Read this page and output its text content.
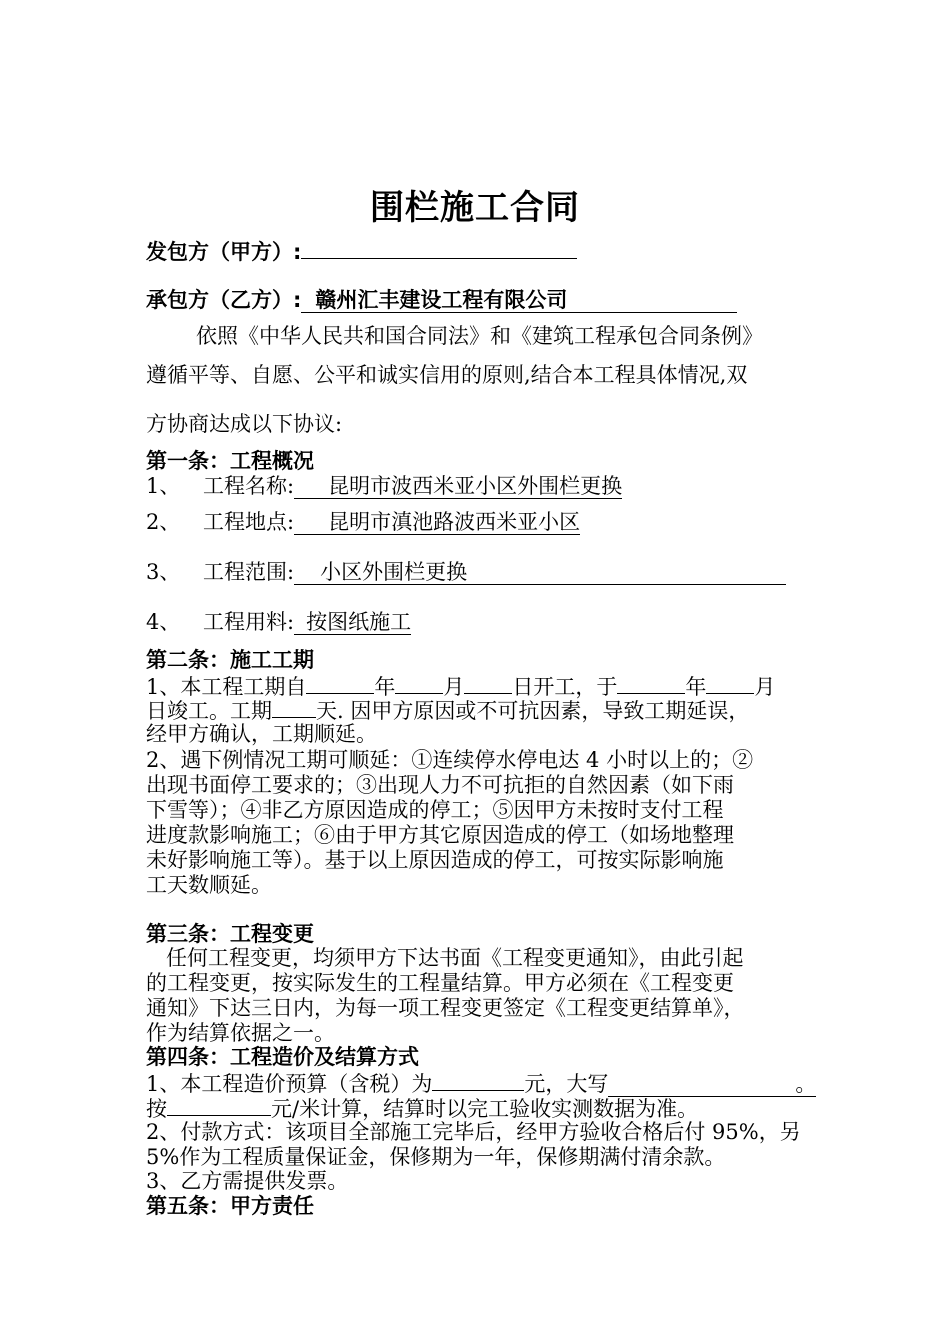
围栏施工合同
发包方（甲方）:
承包方（乙方）: 赣州汇丰建设工程有限公司
依照《中华人民共和国合同法》和《建筑工程承包合同条例》
遵循平等、自愿、公平和诚实信用的原则,结合本工程具体情况,双
方协商达成以下协议:
第一条：工程概况
1、 工程名称: 昆明市波西米亚小区外围栏更换
2、 工程地点: 昆明市滇池路波西米亚小区
3、 工程范围: 小区外围栏更换
4、 工程用料: 按图纸施工
第二条：施工工期
1、本工程工期自	年 月 日开工，于	年 月
日竣工。工期 天. 因甲方原因或不可抗因素，导致工期延误，
经甲方确认，工期顺延。
2、遇下例情况工期可顺延：①连续停水停电达 4 小时以上的；②
出现书面停工要求的；③出现人力不可抗拒的自然因素（如下雨
下雪等）；④非乙方原因造成的停工；⑤因甲方未按时支付工程
进度款影响施工；⑥由于甲方其它原因造成的停工（如场地整理
未好影响施工等）。基于以上原因造成的停工，可按实际影响施
工天数顺延。
第三条：工程变更
任何工程变更，均须甲方下达书面《工程变更通知》，由此引起
的工程变更，按实际发生的工程量结算。甲方必须在《工程变更
通知》下达三日内，为每一项工程变更签定《工程变更结算单》，
作为结算依据之一。
第四条：工程造价及结算方式
1、本工程造价预算（含税）为	元，大写	。
按	元/米计算，结算时以完工验收实测数据为准。
2、付款方式：该项目全部施工完毕后，经甲方验收合格后付 95%，另
5%作为工程质量保证金，保修期为一年，保修期满付清余款。
3、乙方需提供发票。
第五条：甲方责任
